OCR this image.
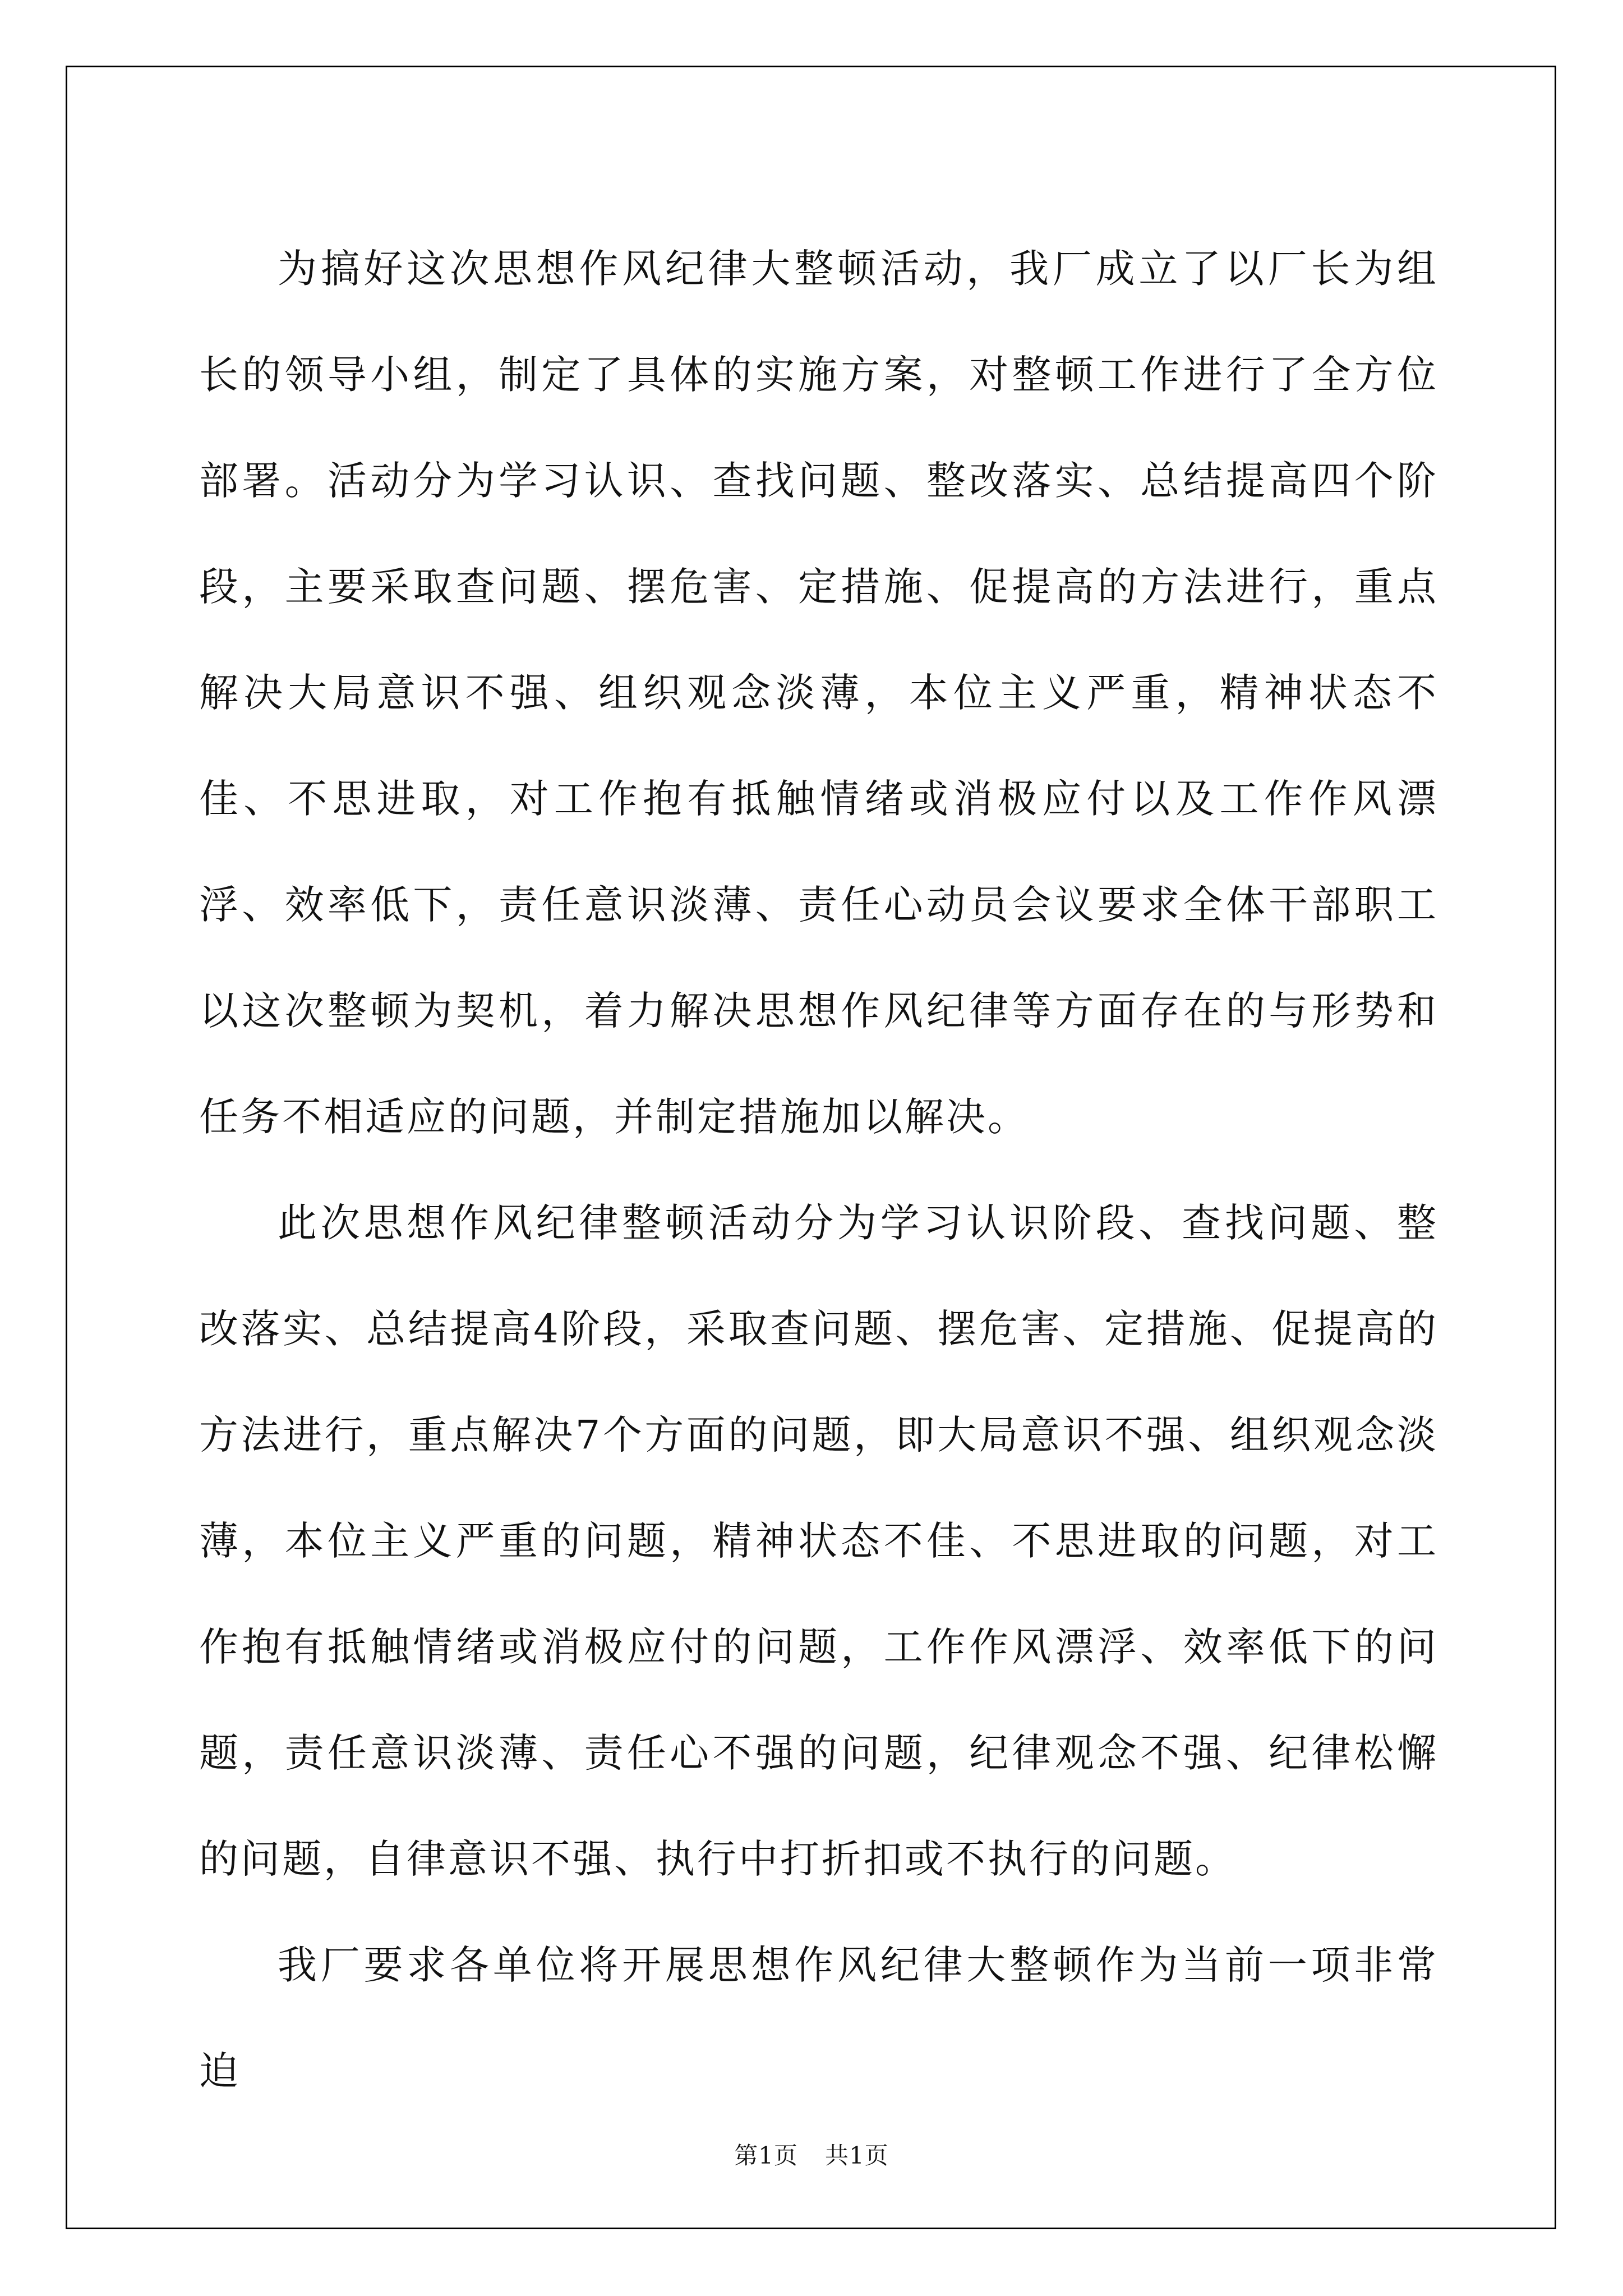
为搞好这次思想作风纪律大整顿活动，我厂成立了以厂长为组长的领导小组，制定了具体的实施方案，对整顿工作进行了全方位部署。活动分为学习认识、查找问题、整改落实、总结提高四个阶段，主要采取查问题、摆危害、定措施、促提高的方法进行，重点解决大局意识不强、组织观念淡薄，本位主义严重，精神状态不佳、不思进取，对工作抱有抵触情绪或消极应付以及工作作风漂浮、效率低下，责任意识淡薄、责任心动员会议要求全体干部职工以这次整顿为契机，着力解决思想作风纪律等方面存在的与形势和任务不相适应的问题，并制定措施加以解决。

此次思想作风纪律整顿活动分为学习认识阶段、查找问题、整改落实、总结提高4阶段，采取查问题、摆危害、定措施、促提高的方法进行，重点解决7个方面的问题，即大局意识不强、组织观念淡薄，本位主义严重的问题，精神状态不佳、不思进取的问题，对工作抱有抵触情绪或消极应付的问题，工作作风漂浮、效率低下的问题，责任意识淡薄、责任心不强的问题，纪律观念不强、纪律松懈的问题，自律意识不强、执行中打折扣或不执行的问题。

我厂要求各单位将开展思想作风纪律大整顿作为当前一项非常迫

第1页 共1页
